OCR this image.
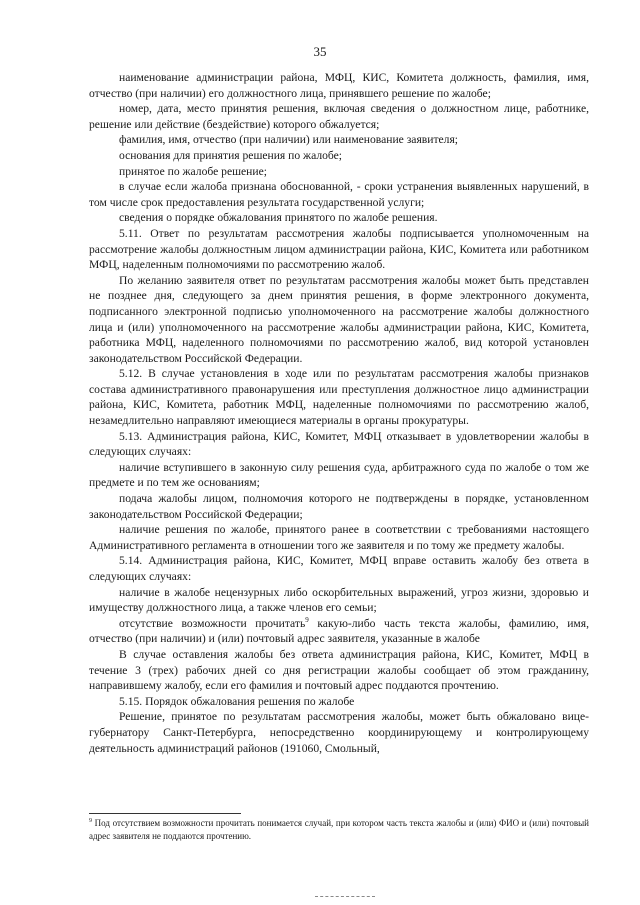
35

наименование администрации района, МФЦ, КИС, Комитета должность, фамилия, имя, отчество (при наличии) его должностного лица, принявшего решение по жалобе;

номер, дата, место принятия решения, включая сведения о должностном лице, работнике, решение или действие (бездействие) которого обжалуется;

фамилия, имя, отчество (при наличии) или наименование заявителя;

основания для принятия решения по жалобе;

принятое по жалобе решение;

в случае если жалоба признана обоснованной, - сроки устранения выявленных нарушений, в том числе срок предоставления результата государственной услуги;

сведения о порядке обжалования принятого по жалобе решения.

5.11. Ответ по результатам рассмотрения жалобы подписывается уполномоченным на рассмотрение жалобы должностным лицом администрации района, КИС, Комитета или работником МФЦ, наделенным полномочиями по рассмотрению жалоб.

По желанию заявителя ответ по результатам рассмотрения жалобы может быть представлен не позднее дня, следующего за днем принятия решения, в форме электронного документа, подписанного электронной подписью уполномоченного на рассмотрение жалобы должностного лица и (или) уполномоченного на рассмотрение жалобы администрации района, КИС, Комитета, работника МФЦ, наделенного полномочиями по рассмотрению жалоб, вид которой установлен законодательством Российской Федерации.

5.12. В случае установления в ходе или по результатам рассмотрения жалобы признаков состава административного правонарушения или преступления должностное лицо администрации района, КИС, Комитета, работник МФЦ, наделенные полномочиями по рассмотрению жалоб, незамедлительно направляют имеющиеся материалы в органы прокуратуры.

5.13. Администрация района, КИС, Комитет, МФЦ отказывает в удовлетворении жалобы в следующих случаях:

наличие вступившего в законную силу решения суда, арбитражного суда по жалобе о том же предмете и по тем же основаниям;

подача жалобы лицом, полномочия которого не подтверждены в порядке, установленном законодательством Российской Федерации;

наличие решения по жалобе, принятого ранее в соответствии с требованиями настоящего Административного регламента в отношении того же заявителя и по тому же предмету жалобы.

5.14. Администрация района, КИС, Комитет, МФЦ вправе оставить жалобу без ответа в следующих случаях:

наличие в жалобе нецензурных либо оскорбительных выражений, угроз жизни, здоровью и имуществу должностного лица, а также членов его семьи;

отсутствие возможности прочитать$^9$ какую-либо часть текста жалобы, фамилию, имя, отчество (при наличии) и (или) почтовый адрес заявителя, указанные в жалобе

В случае оставления жалобы без ответа администрация района, КИС, Комитет, МФЦ в течение 3 (трех) рабочих дней со дня регистрации жалобы сообщает об этом гражданину, направившему жалобу, если его фамилия и почтовый адрес поддаются прочтению.

5.15. Порядок обжалования решения по жалобе

Решение, принятое по результатам рассмотрения жалобы, может быть обжаловано вице-губернатору Санкт-Петербурга, непосредственно координирующему и контролирующему деятельность администраций районов (191060, Смольный,

$^9$ Под отсутствием возможности прочитать понимается случай, при котором часть текста жалобы и (или) ФИО и (или) почтовый адрес заявителя не поддаются прочтению.
